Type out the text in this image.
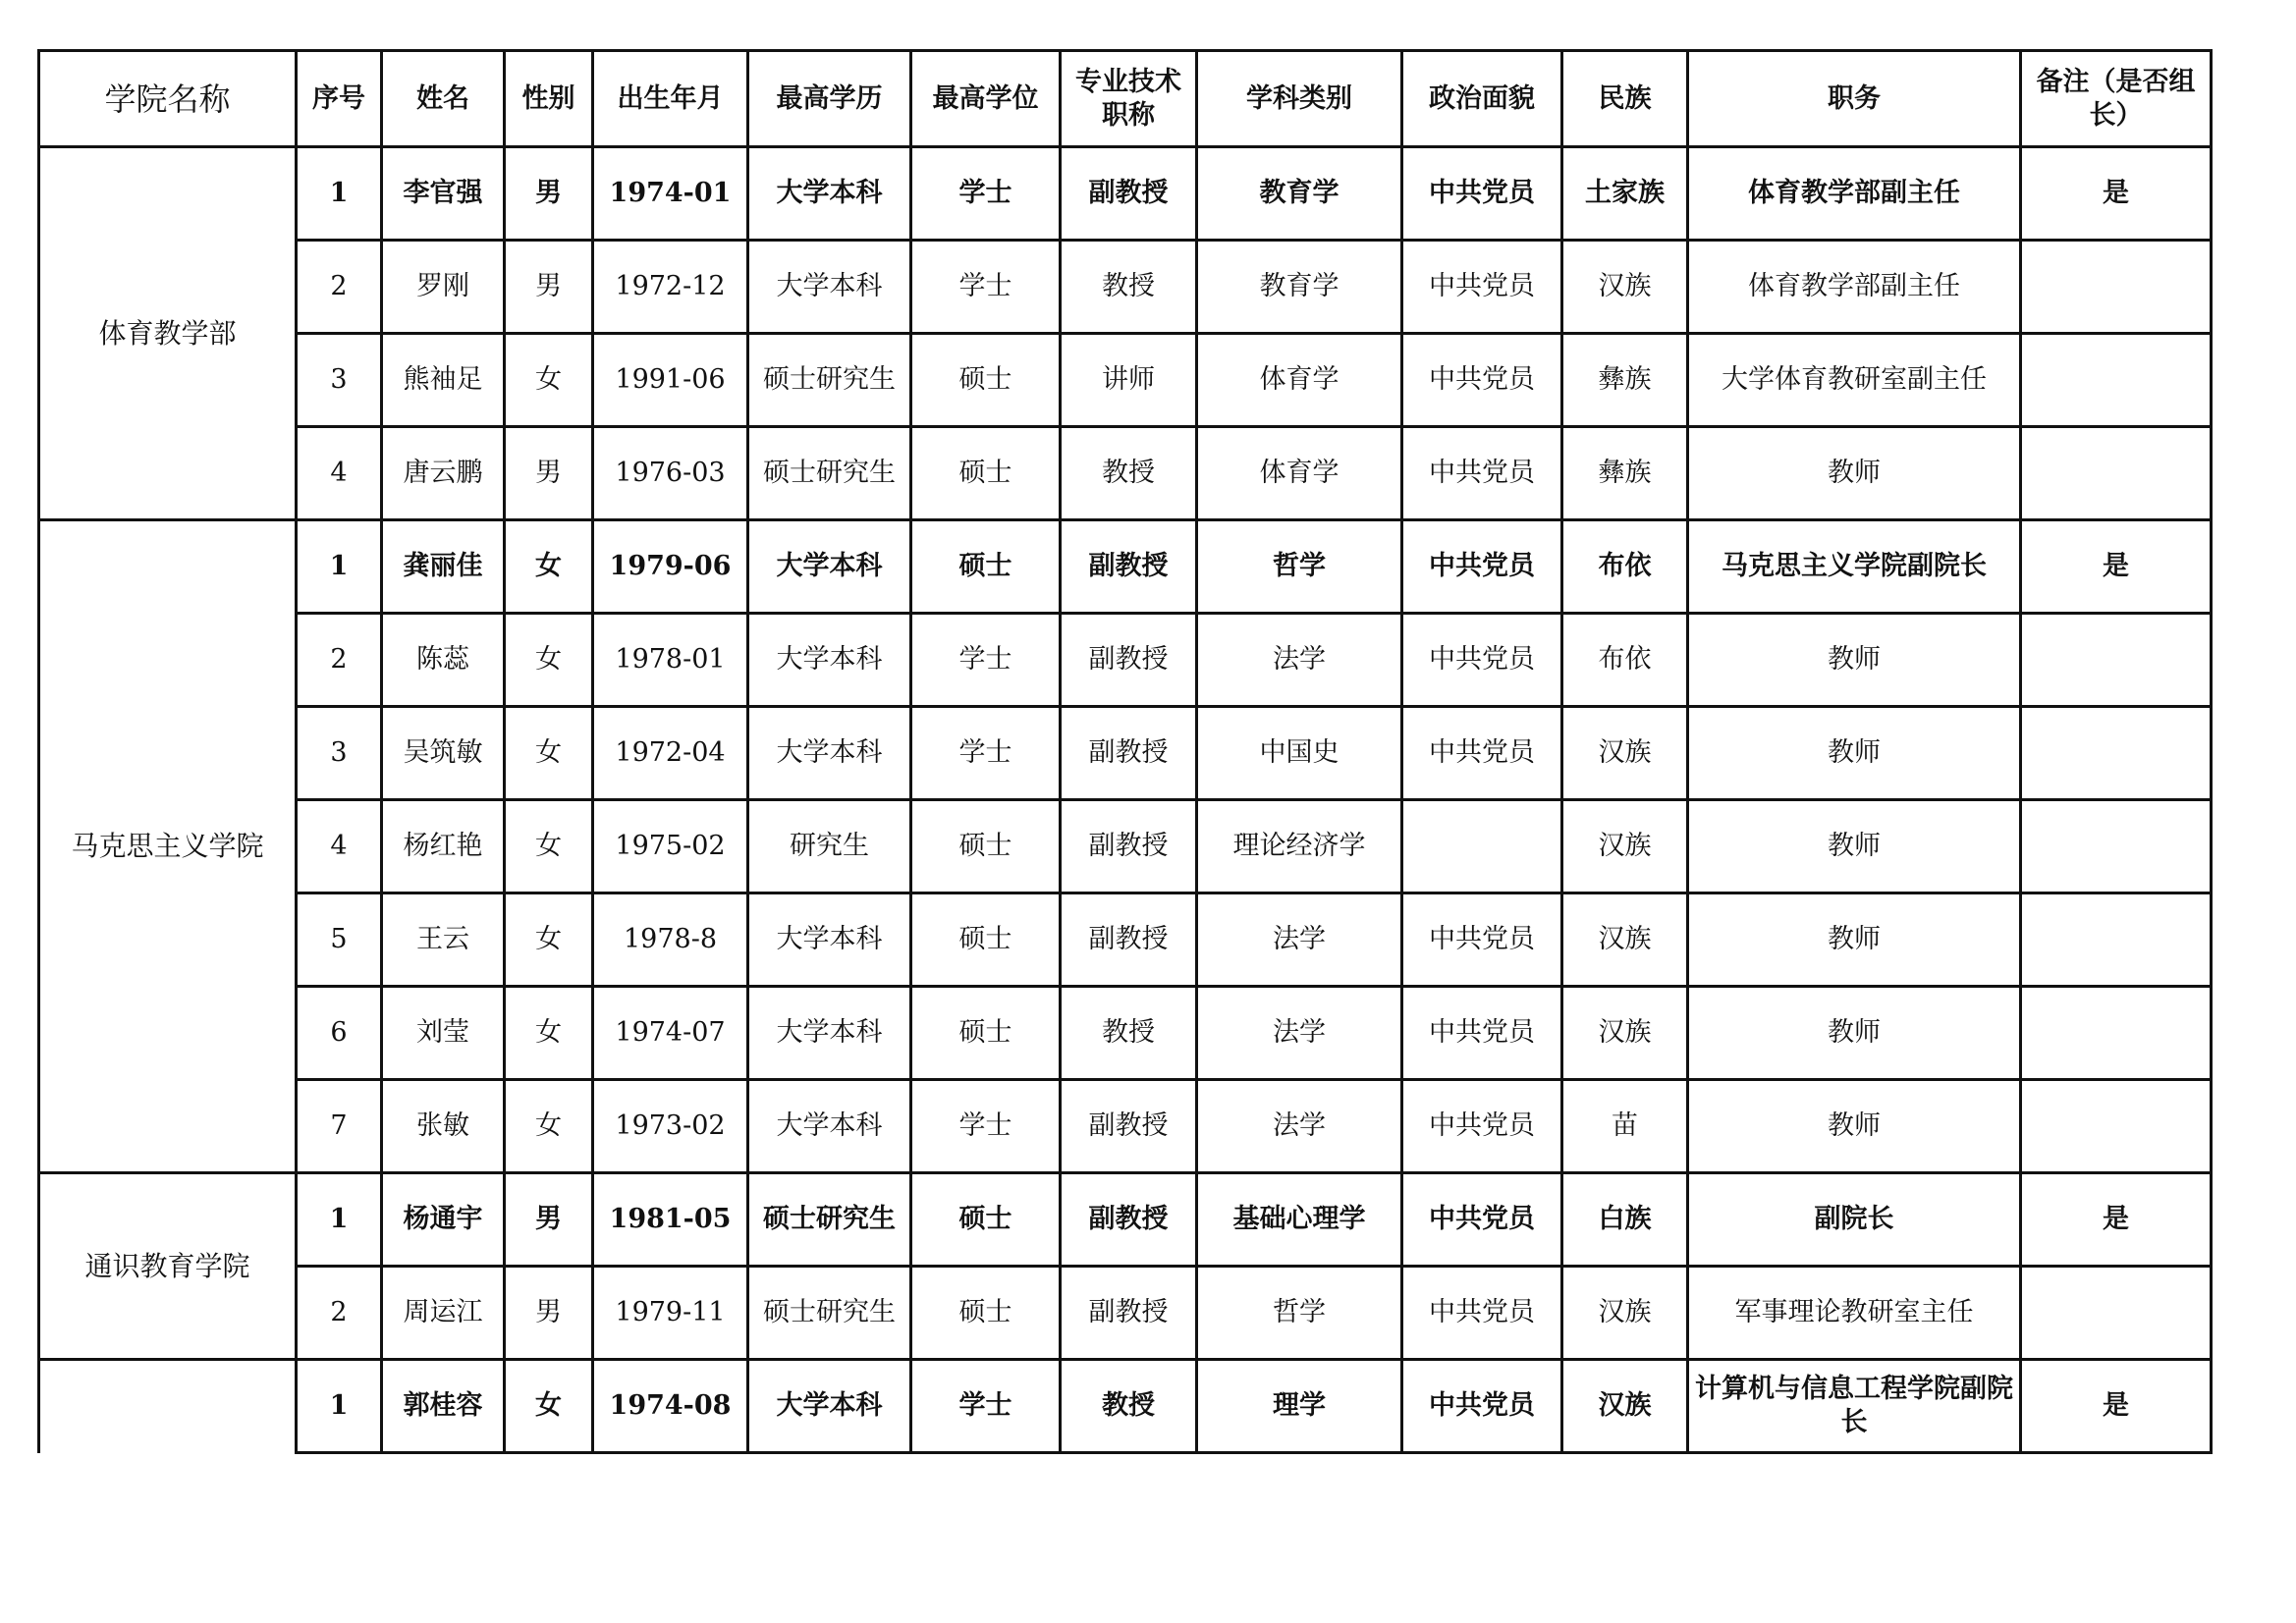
学院名称	序号	姓名	性别	出生年月	最高学历	最高学位	专业技术职称	学科类别	政治面貌	民族	职务	备注（是否组长）
体育教学部	1	李官强	男	1974-01	大学本科	学士	副教授	教育学	中共党员	土家族	体育教学部副主任	是
	2	罗刚	男	1972-12	大学本科	学士	教授	教育学	中共党员	汉族	体育教学部副主任	
	3	熊袖足	女	1991-06	硕士研究生	硕士	讲师	体育学	中共党员	彝族	大学体育教研室副主任	
	4	唐云鹏	男	1976-03	硕士研究生	硕士	教授	体育学	中共党员	彝族	教师	
马克思主义学院	1	龚丽佳	女	1979-06	大学本科	硕士	副教授	哲学	中共党员	布依	马克思主义学院副院长	是
	2	陈蕊	女	1978-01	大学本科	学士	副教授	法学	中共党员	布依	教师	
	3	吴筑敏	女	1972-04	大学本科	学士	副教授	中国史	中共党员	汉族	教师	
	4	杨红艳	女	1975-02	研究生	硕士	副教授	理论经济学		汉族	教师	
	5	王云	女	1978-8	大学本科	硕士	副教授	法学	中共党员	汉族	教师	
	6	刘莹	女	1974-07	大学本科	硕士	教授	法学	中共党员	汉族	教师	
	7	张敏	女	1973-02	大学本科	学士	副教授	法学	中共党员	苗	教师	
通识教育学院	1	杨通宇	男	1981-05	硕士研究生	硕士	副教授	基础心理学	中共党员	白族	副院长	是
	2	周运江	男	1979-11	硕士研究生	硕士	副教授	哲学	中共党员	汉族	军事理论教研室主任	
	1	郭桂容	女	1974-08	大学本科	学士	教授	理学	中共党员	汉族	计算机与信息工程学院副院长	是
